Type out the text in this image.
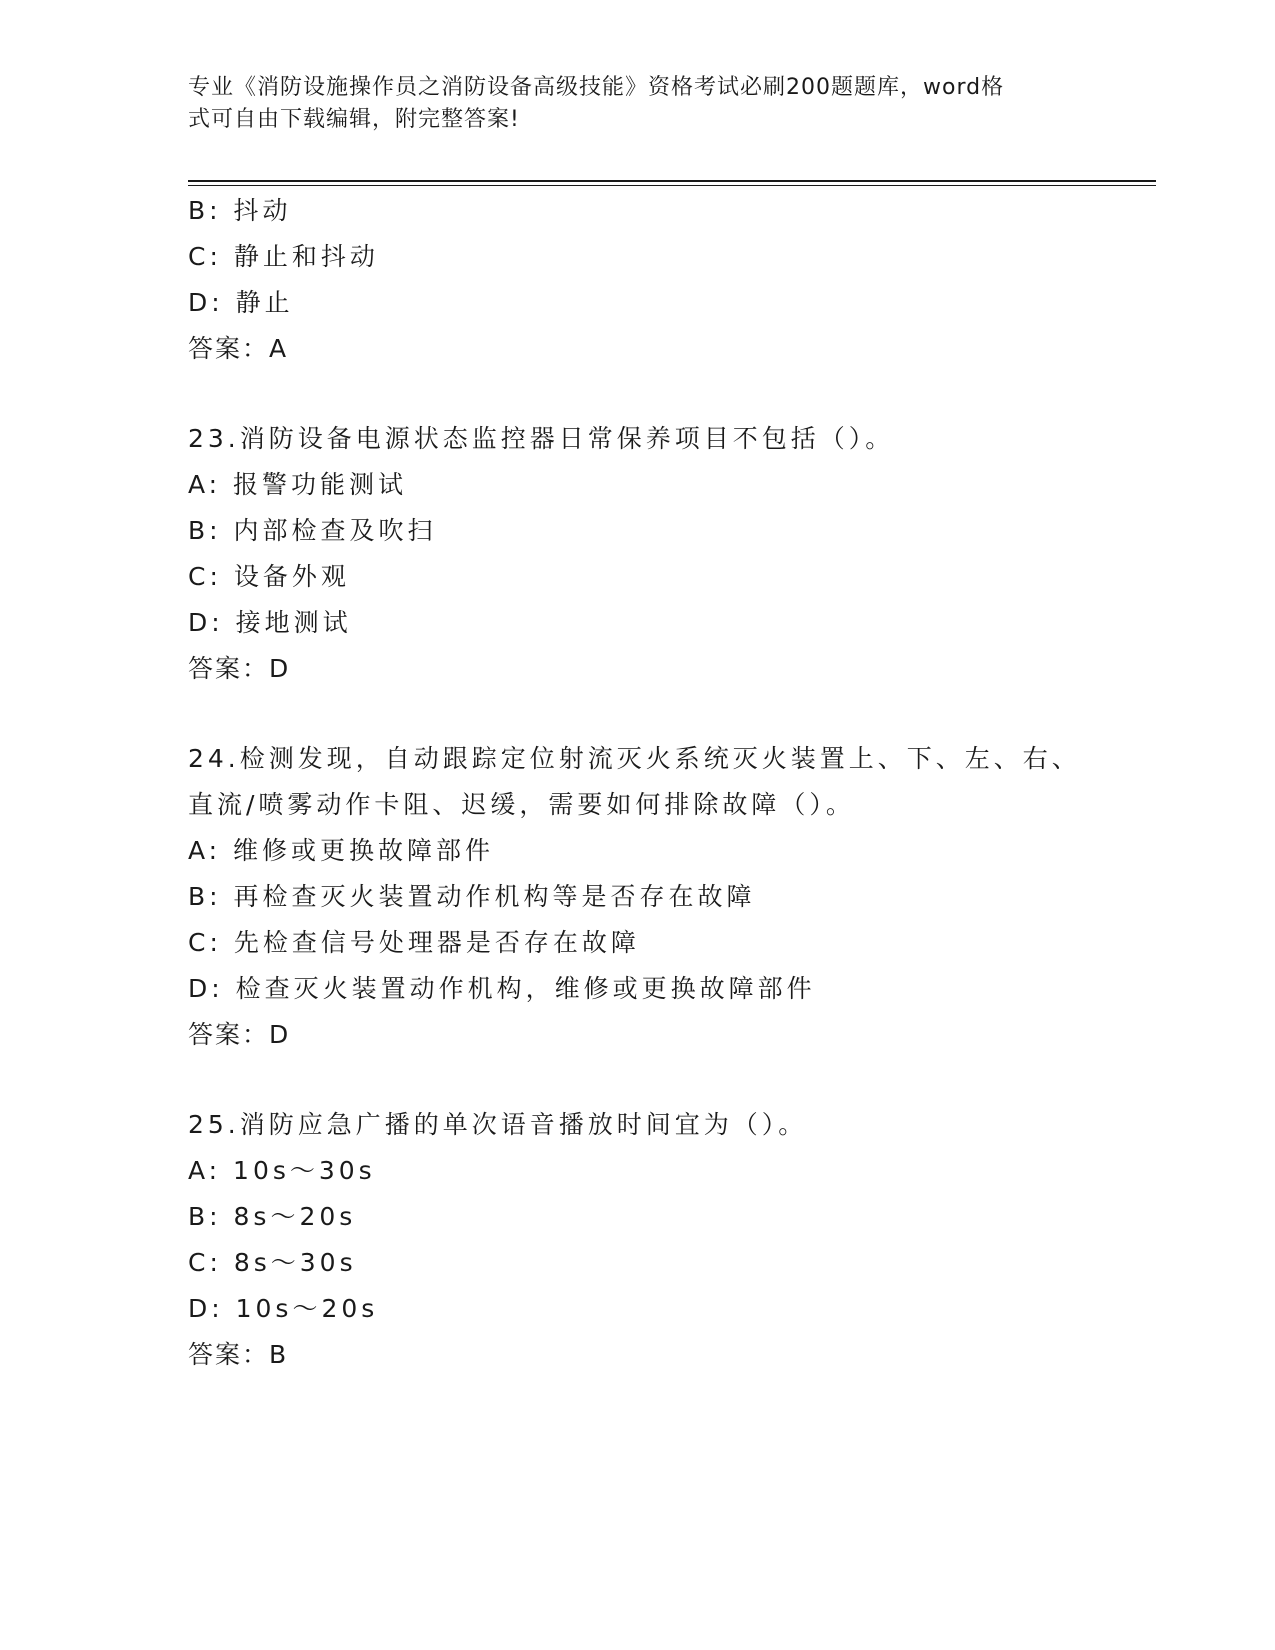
专业《消防设施操作员之消防设备高级技能》资格考试必刷200题题库，word格
式可自由下载编辑，附完整答案!
B: 抖动
C: 静止和抖动
D: 静止
答案：A
23.消防设备电源状态监控器日常保养项目不包括（）。
A: 报警功能测试
B: 内部检查及吹扫
C: 设备外观
D: 接地测试
答案：D
24.检测发现，自动跟踪定位射流灭火系统灭火装置上、下、左、右、
直流/喷雾动作卡阻、迟缓，需要如何排除故障（）。
A: 维修或更换故障部件
B: 再检查灭火装置动作机构等是否存在故障
C: 先检查信号处理器是否存在故障
D: 检查灭火装置动作机构，维修或更换故障部件
答案：D
25.消防应急广播的单次语音播放时间宜为（）。
A: 10s～30s
B: 8s～20s
C: 8s～30s
D: 10s～20s
答案：B
